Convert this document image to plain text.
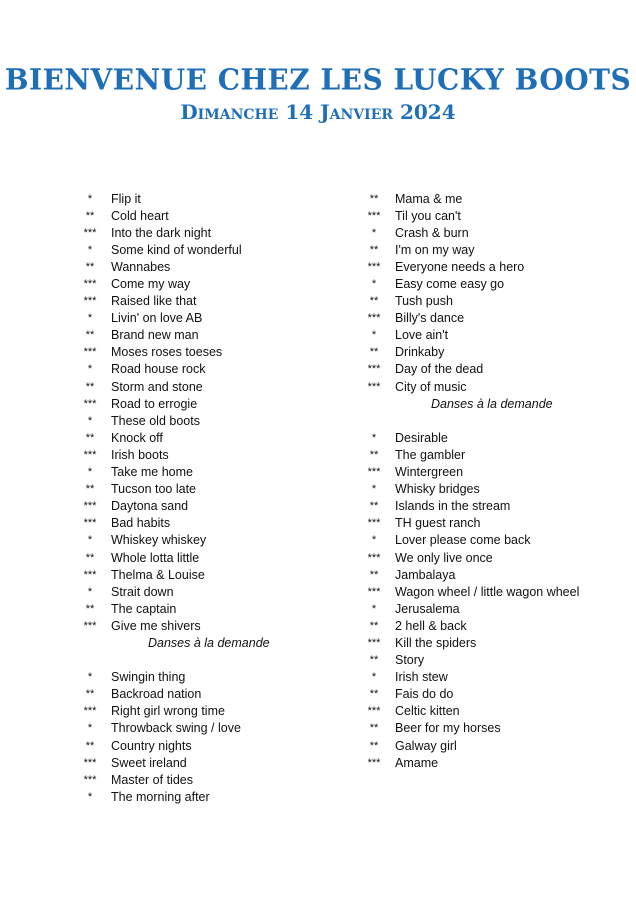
BIENVENUE CHEZ LES LUCKY BOOTS
Dimanche 14 Janvier 2024
*	Flip it
**	Cold heart
***	Into the dark night
*	Some kind of wonderful
**	Wannabes
***	Come my way
***	Raised like that
*	Livin' on love AB
**	Brand new man
***	Moses roses toeses
*	Road house rock
**	Storm and stone
***	Road to errogie
*	These old boots
**	Knock off
***	Irish boots
*	Take me home
**	Tucson too late
***	Daytona sand
***	Bad habits
*	Whiskey whiskey
**	Whole lotta little
***	Thelma & Louise
*	Strait down
**	The captain
***	Give me shivers
Danses à la demande
*	Swingin thing
**	Backroad nation
***	Right girl wrong time
*	Throwback swing / love
**	Country nights
***	Sweet ireland
***	Master of tides
*	The morning after
**	Mama & me
***	Til you can't
*	Crash & burn
**	I'm on my way
***	Everyone needs a hero
*	Easy come easy go
**	Tush push
***	Billy's dance
*	Love ain't
**	Drinkaby
***	Day of the dead
***	City of music
Danses à la demande
*	Desirable
**	The gambler
***	Wintergreen
*	Whisky bridges
**	Islands in the stream
***	TH guest ranch
*	Lover please come back
***	We only live once
**	Jambalaya
***	Wagon wheel / little wagon wheel
*	Jerusalema
**	2 hell & back
***	Kill the spiders
**	Story
*	Irish stew
**	Fais do do
***	Celtic kitten
**	Beer for my horses
**	Galway girl
***	Amame
